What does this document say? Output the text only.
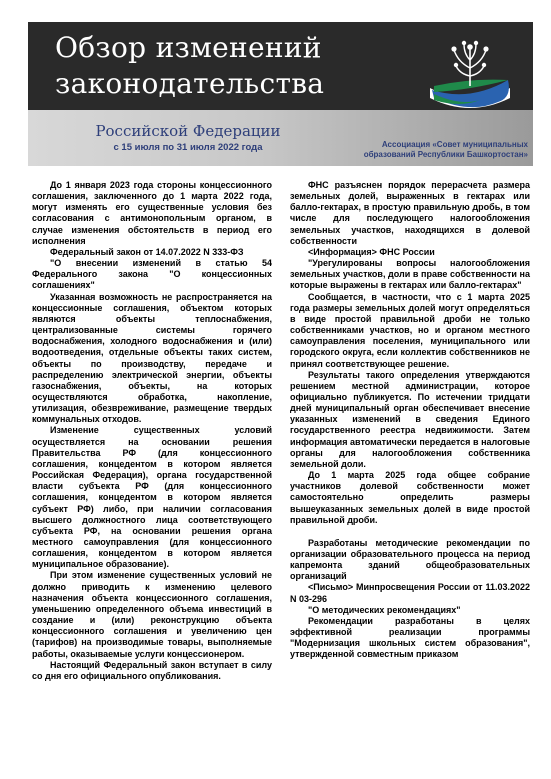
Обзор изменений законодательства
Российской Федерации
с 15 июля по 31 июля 2022 года	Ассоциация «Совет муниципальных образований Республики Башкортостан»

До 1 января 2023 года стороны концессионного соглашения, заключенного до 1 марта 2022 года, могут изменять его существенные условия без согласования с антимонопольным органом, в случае изменения обстоятельств в период его исполнения

Федеральный закон от 14.07.2022 N 333-ФЗ

"О внесении изменений в статью 54 Федерального закона "О концессионных соглашениях"

Указанная возможность не распространяется на концессионные соглашения, объектом которых являются объекты теплоснабжения, централизованные системы горячего водоснабжения, холодного водоснабжения и (или) водоотведения, отдельные объекты таких систем, объекты по производству, передаче и распределению электрической энергии, объекты газоснабжения, объекты, на которых осуществляются обработка, накопление, утилизация, обезвреживание, размещение твердых коммунальных отходов.

Изменение существенных условий осуществляется на основании решения Правительства РФ (для концессионного соглашения, концедентом в котором является Российская Федерация), органа государственной власти субъекта РФ (для концессионного соглашения, концедентом в котором является субъект РФ) либо, при наличии согласования высшего должностного лица соответствующего субъекта РФ, на основании решения органа местного самоуправления (для концессионного соглашения, концедентом в котором является муниципальное образование).

При этом изменение существенных условий не должно приводить к изменению целевого назначения объекта концессионного соглашения, уменьшению определенного объема инвестиций в создание и (или) реконструкцию объекта концессионного соглашения и увеличению цен (тарифов) на производимые товары, выполняемые работы, оказываемые услуги концессионером.

Настоящий Федеральный закон вступает в силу со дня его официального опубликования.

ФНС разъяснен порядок перерасчета размера земельных долей, выраженных в гектарах или балло-гектарах, в простую правильную дробь, в том числе для последующего налогообложения земельных участков, находящихся в долевой собственности

<Информация> ФНС России

"Урегулированы вопросы налогообложения земельных участков, доли в праве собственности на которые выражены в гектарах или балло-гектарах"

Сообщается, в частности, что с 1 марта 2025 года размеры земельных долей могут определяться в виде простой правильной дроби не только собственниками участков, но и органом местного самоуправления поселения, муниципального или городского округа, если коллектив собственников не принял соответствующее решение.

Результаты такого определения утверждаются решением местной администрации, которое официально публикуется. По истечении тридцати дней муниципальный орган обеспечивает внесение указанных изменений в сведения Единого государственного реестра недвижимости. Затем информация автоматически передается в налоговые органы для налогообложения собственника земельной доли.

До 1 марта 2025 года общее собрание участников долевой собственности может самостоятельно определить размеры вышеуказанных земельных долей в виде простой правильной дроби.

Разработаны методические рекомендации по организации образовательного процесса на период капремонта зданий общеобразовательных организаций

<Письмо> Минпросвещения России от 11.03.2022 N 03-296

"О методических рекомендациях"

Рекомендации разработаны в целях эффективной реализации программы "Модернизация школьных систем образования", утвержденной совместным приказом
